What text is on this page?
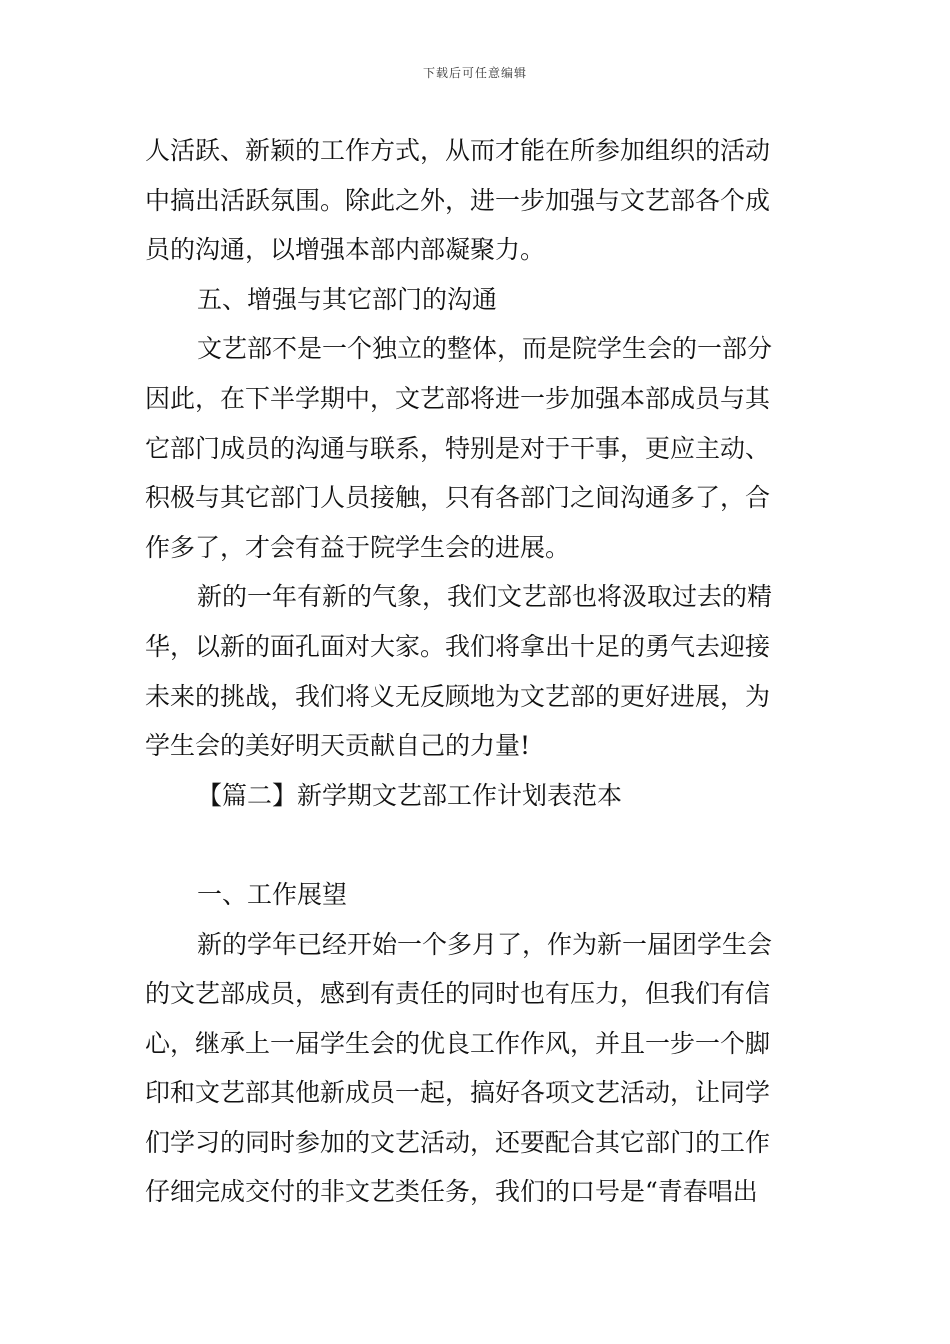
下载后可任意编辑
人活跃、新颖的工作方式，从而才能在所参加组织的活动
中搞出活跃氛围。除此之外，进一步加强与文艺部各个成
员的沟通，以增强本部内部凝聚力。
五、增强与其它部门的沟通
文艺部不是一个独立的整体，而是院学生会的一部分
因此，在下半学期中，文艺部将进一步加强本部成员与其
它部门成员的沟通与联系，特别是对于干事，更应主动、
积极与其它部门人员接触，只有各部门之间沟通多了，合
作多了，才会有益于院学生会的进展。
新的一年有新的气象，我们文艺部也将汲取过去的精
华，以新的面孔面对大家。我们将拿出十足的勇气去迎接
未来的挑战，我们将义无反顾地为文艺部的更好进展，为
学生会的美好明天贡献自己的力量!
【篇二】新学期文艺部工作计划表范本
一、工作展望
新的学年已经开始一个多月了，作为新一届团学生会
的文艺部成员，感到有责任的同时也有压力，但我们有信
心，继承上一届学生会的优良工作作风，并且一步一个脚
印和文艺部其他新成员一起，搞好各项文艺活动，让同学
们学习的同时参加的文艺活动，还要配合其它部门的工作
仔细完成交付的非文艺类任务，我们的口号是“青春唱出
